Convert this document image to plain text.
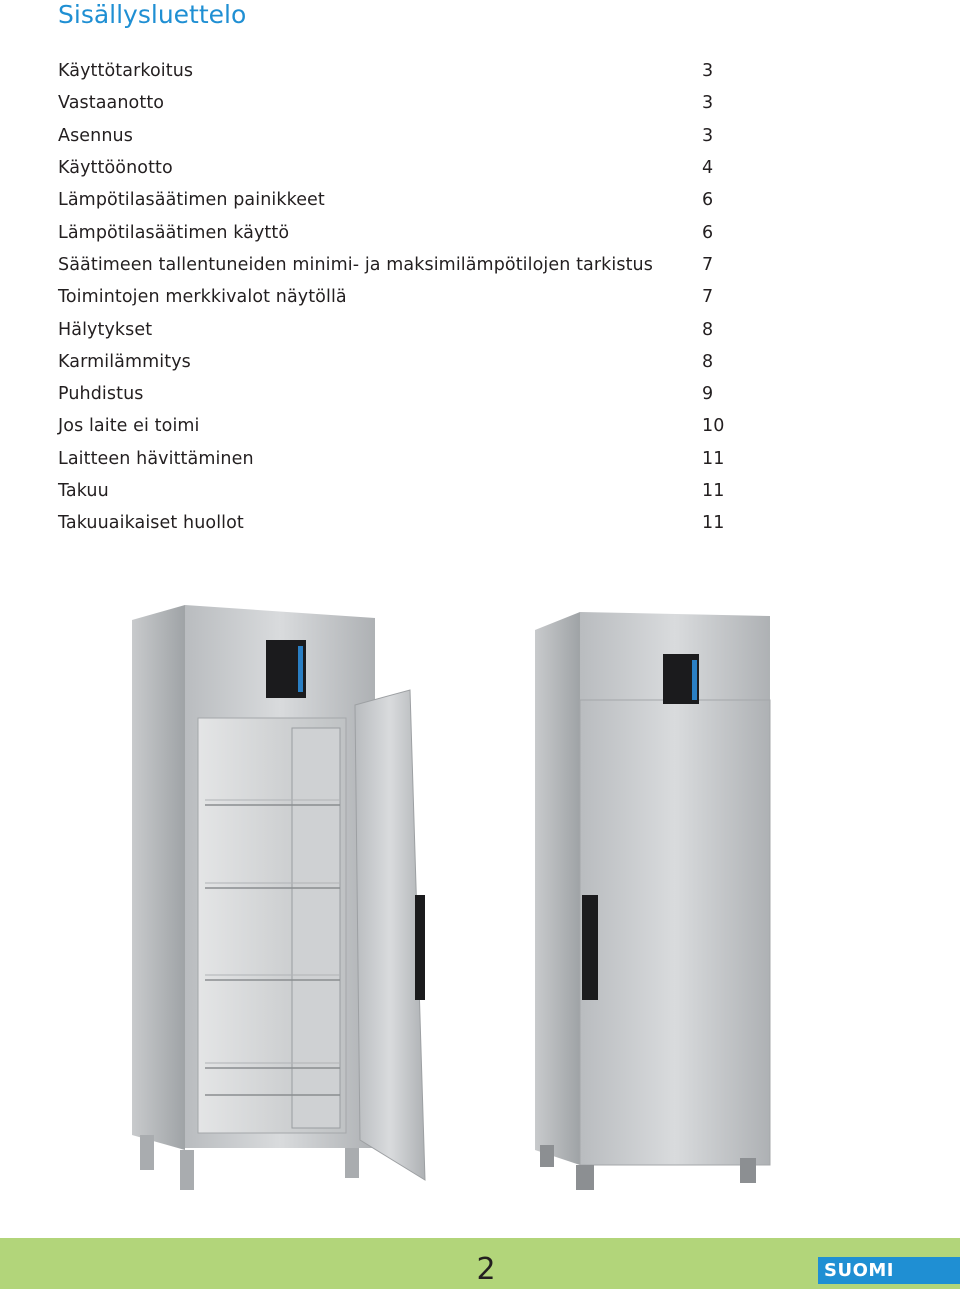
Sisällysluettelo
Käyttötarkoitus	3
Vastaanotto	3
Asennus	3
Käyttöönotto	4
Lämpötilasäätimen painikkeet	6
Lämpötilasäätimen käyttö	6
Säätimeen tallentuneiden minimi- ja maksimilämpötilojen tarkistus	7
Toimintojen merkkivalot näytöllä	7
Hälytykset	8
Karmilämmitys	8
Puhdistus	9
Jos laite ei toimi	10
Laitteen hävittäminen	11
Takuu	11
Takuuaikaiset huollot	11
2	SUOMI
